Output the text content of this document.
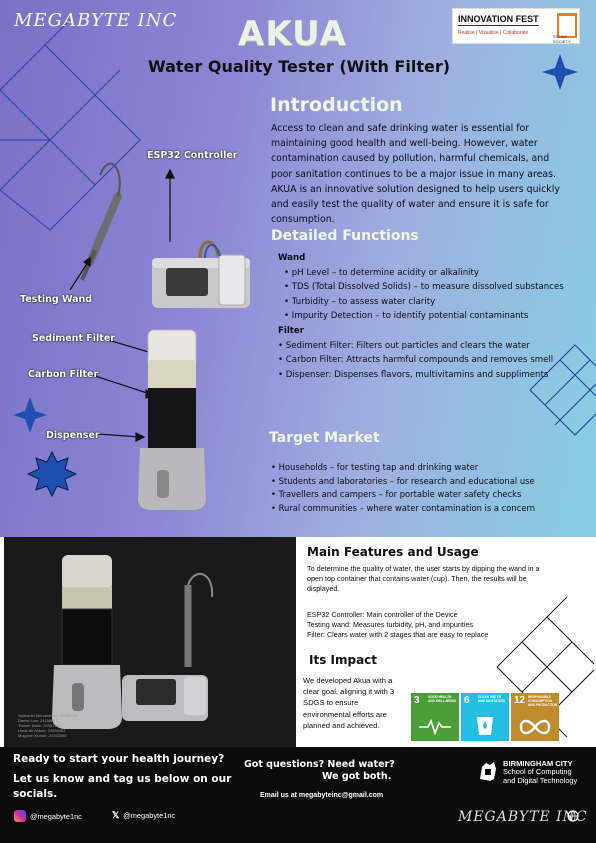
MEGABYTE INC AKUA
Water Quality Tester (With Filter)
INNOVATION FEST
Realise | Visualise | Collaborate
STEAM SOCIETY
ESP32 Controller
Testing Wand
Sediment Filter
Carbon Filter
Dispenser
Introduction
Access to clean and safe drinking water is essential for maintaining good health and well-being. However, water contamination caused by pollution, harmful chemicals, and poor sanitation continues to be a major issue in many areas. AKUA is an innovative solution designed to help users quickly and easily test the quality of water and ensure it is safe for consumption.
Detailed Functions
Wand
• pH Level – to determine acidity or alkalinity
• TDS (Total Dissolved Solids) – to measure dissolved substances
• Turbidity – to assess water clarity
• Impurity Detection – to identify potential contaminants
Filter
• Sediment Filter: Filters out particles and clears the water
• Carbon Filter: Attracts harmful compounds and removes smell
• Dispenser: Dispenses flavors, multivitamins and suppliments
Target Market
• Households – for testing tap and drinking water
• Students and laboratories – for research and educational use
• Travellers and campers – for portable water safety checks
• Rural communities – where water contamination is a concern
Saifuddin Muhammad: 23456789
Daniel Low: 24158672
Trainer Malik: 22367234
Umar Ali Abbas: 24098451
Mugunth Kumar: 24782456
Main Features and Usage
To determine the quality of water, the user starts by dipping the wand in a open top container that contains water (cup). Then, the results will be displayed.
ESP32 Controller: Main controller of the Device
Testing wand: Measures turbidity, pH, and impurities
Filter: Clears water with 2 stages that are easy to replace
Its Impact
We developed Akua with a clear goal, aligning it with 3 SDGS to ensure environmental efforts are planned and achieved.
3	GOOD HEALTH AND WELL-BEING 6	CLEAN WATER AND SANITATION 12 RESPONSIBLE CONSUMPTION AND PRODUCTION
Ready to start your health journey?
Let us know and tag us below on our socials.
Got questions? Need water?
We got both.
Email us at megabyteinc@gmail.com
@megabyte1nc	𝕏 @megabyte1nc
BIRMINGHAM CITY
School of Computing
and Digital Technology
MEGABYTE INC
